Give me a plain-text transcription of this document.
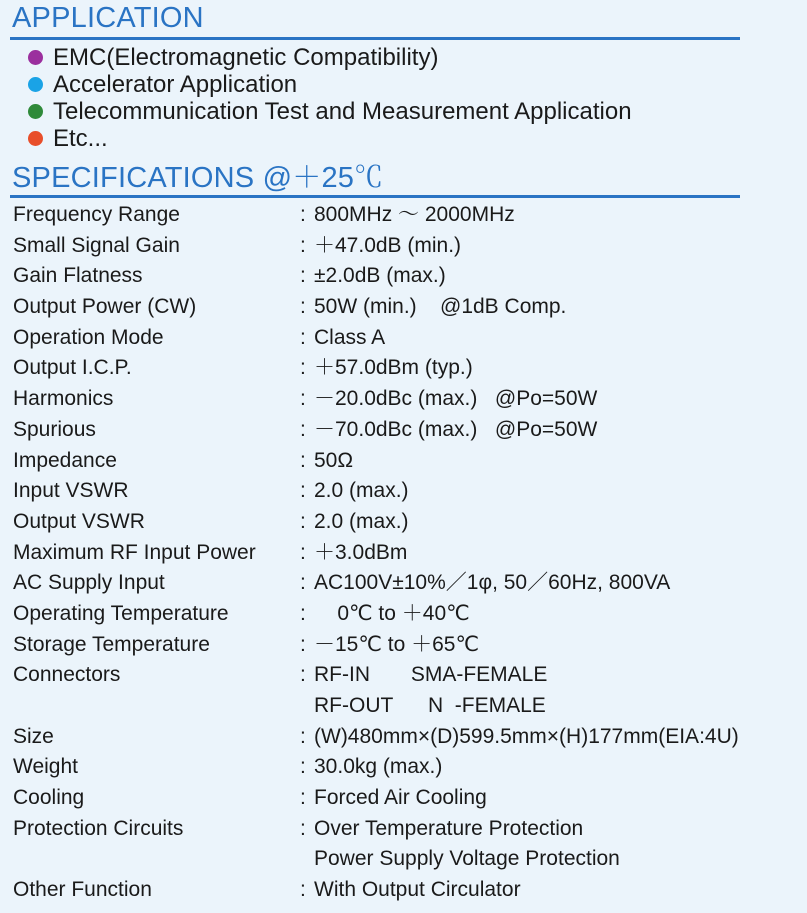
APPLICATION
EMC(Electromagnetic Compatibility)
Accelerator Application
Telecommunication Test and Measurement Application
Etc...
SPECIFICATIONS @＋25℃
Frequency Range	: 800MHz ～ 2000MHz
Small Signal Gain	: ＋47.0dB (min.)
Gain Flatness	: ±2.0dB (max.)
Output Power (CW)	: 50W (min.)    @1dB Comp.
Operation Mode	: Class A
Output I.C.P.	: ＋57.0dBm (typ.)
Harmonics	: －20.0dBc (max.)   @Po=50W
Spurious	: －70.0dBc (max.)   @Po=50W
Impedance	: 50Ω
Input VSWR	: 2.0 (max.)
Output VSWR	: 2.0 (max.)
Maximum RF Input Power	: ＋3.0dBm
AC Supply Input	: AC100V±10%／1φ, 50／60Hz, 800VA
Operating Temperature	: 0℃ to ＋40℃
Storage Temperature	: －15℃ to ＋65℃
Connectors	: RF-IN       SMA-FEMALE
RF-OUT      N  -FEMALE
Size	: (W)480mm×(D)599.5mm×(H)177mm(EIA:4U)
Weight	: 30.0kg (max.)
Cooling	: Forced Air Cooling
Protection Circuits	: Over Temperature Protection
Power Supply Voltage Protection
Other Function	: With Output Circulator
